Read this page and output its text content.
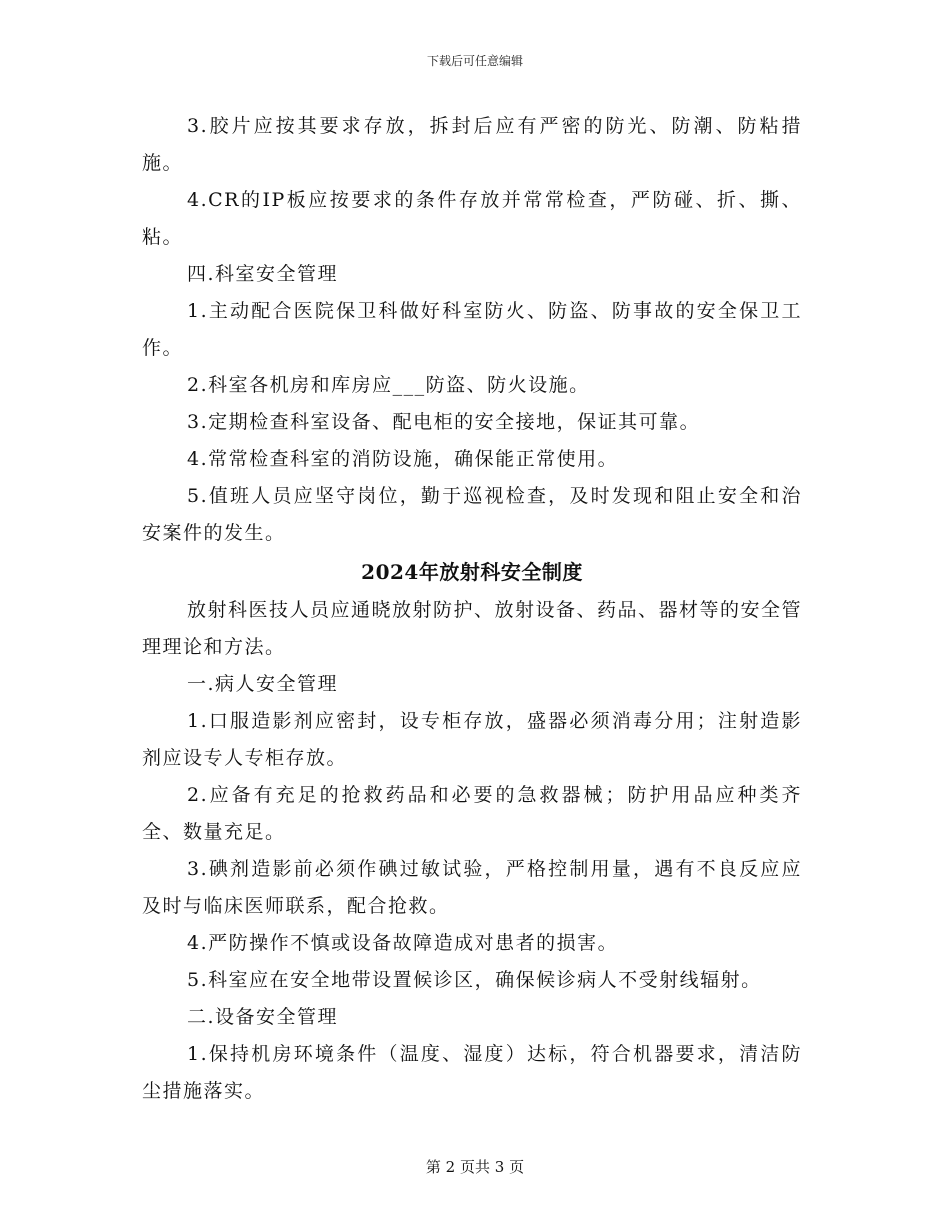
下载后可任意编辑

3.胶片应按其要求存放，拆封后应有严密的防光、防潮、防粘措施。

4.CR的IP板应按要求的条件存放并常常检查，严防碰、折、撕、粘。

四.科室安全管理

1.主动配合医院保卫科做好科室防火、防盗、防事故的安全保卫工作。

2.科室各机房和库房应___防盗、防火设施。

3.定期检查科室设备、配电柜的安全接地，保证其可靠。

4.常常检查科室的消防设施，确保能正常使用。

5.值班人员应坚守岗位，勤于巡视检查，及时发现和阻止安全和治安案件的发生。

2024年放射科安全制度

放射科医技人员应通晓放射防护、放射设备、药品、器材等的安全管理理论和方法。

一.病人安全管理

1.口服造影剂应密封，设专柜存放，盛器必须消毒分用；注射造影剂应设专人专柜存放。

2.应备有充足的抢救药品和必要的急救器械；防护用品应种类齐全、数量充足。

3.碘剂造影前必须作碘过敏试验，严格控制用量，遇有不良反应应及时与临床医师联系，配合抢救。

4.严防操作不慎或设备故障造成对患者的损害。

5.科室应在安全地带设置候诊区，确保候诊病人不受射线辐射。

二.设备安全管理

1.保持机房环境条件（温度、湿度）达标，符合机器要求，清洁防尘措施落实。

第 2 页共 3 页
